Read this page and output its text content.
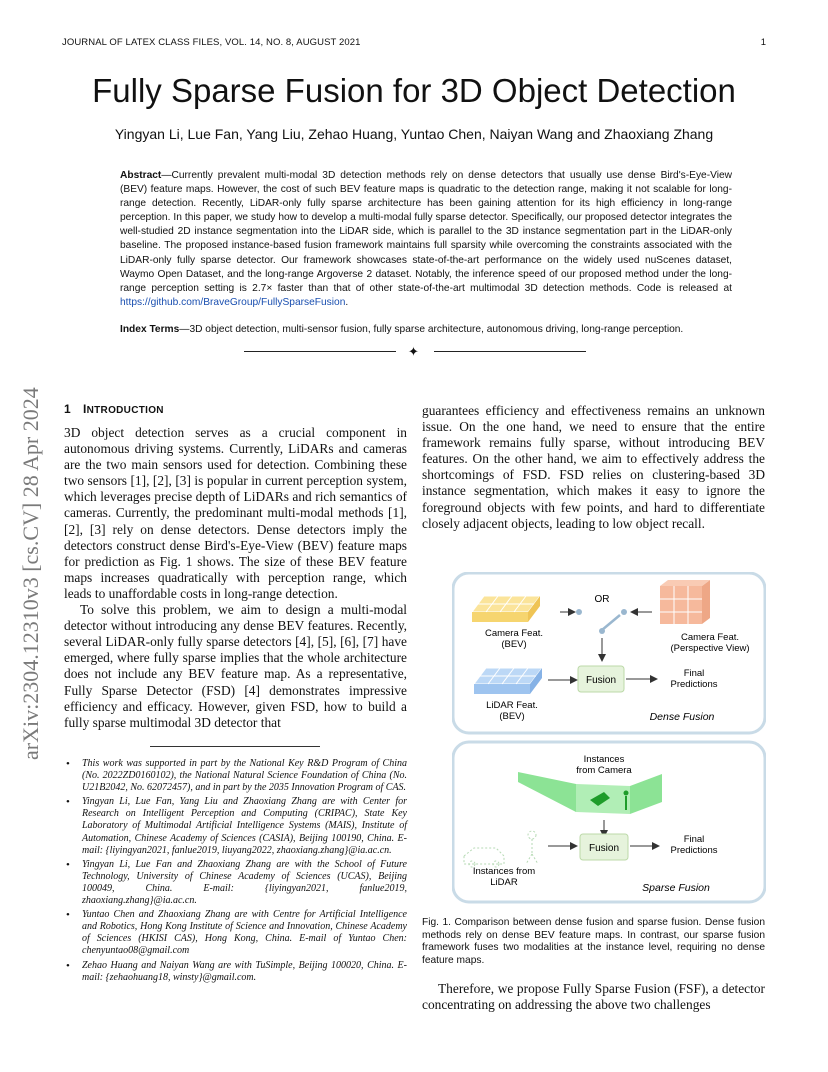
JOURNAL OF LATEX CLASS FILES, VOL. 14, NO. 8, AUGUST 2021	1
Fully Sparse Fusion for 3D Object Detection
Yingyan Li, Lue Fan, Yang Liu, Zehao Huang, Yuntao Chen, Naiyan Wang and Zhaoxiang Zhang
Abstract—Currently prevalent multi-modal 3D detection methods rely on dense detectors that usually use dense Bird's-Eye-View (BEV) feature maps. However, the cost of such BEV feature maps is quadratic to the detection range, making it not scalable for long-range detection. Recently, LiDAR-only fully sparse architecture has been gaining attention for its high efficiency in long-range perception. In this paper, we study how to develop a multi-modal fully sparse detector. Specifically, our proposed detector integrates the well-studied 2D instance segmentation into the LiDAR side, which is parallel to the 3D instance segmentation part in the LiDAR-only baseline. The proposed instance-based fusion framework maintains full sparsity while overcoming the constraints associated with the LiDAR-only fully sparse detector. Our framework showcases state-of-the-art performance on the widely used nuScenes dataset, Waymo Open Dataset, and the long-range Argoverse 2 dataset. Notably, the inference speed of our proposed method under the long-range perception setting is 2.7× faster than that of other state-of-the-art multimodal 3D detection methods. Code is released at https://github.com/BraveGroup/FullySparseFusion.
Index Terms—3D object detection, multi-sensor fusion, fully sparse architecture, autonomous driving, long-range perception.
✦
arXiv:2304.12310v3 [cs.CV] 28 Apr 2024 1 INTRODUCTION

3D object detection serves as a crucial component in autonomous driving systems. Currently, LiDARs and cameras are the two main sensors used for detection. Combining these two sensors [1], [2], [3] is popular in current perception system, which leverages precise depth of LiDARs and rich semantics of cameras. Currently, the predominant multi-modal methods [1], [2], [3] rely on dense detectors. Dense detectors imply the detectors construct dense Bird's-Eye-View (BEV) feature maps for prediction as Fig. 1 shows. The size of these BEV feature maps increases quadratically with perception range, which leads to unaffordable costs in long-range detection.

To solve this problem, we aim to design a multi-modal detector without introducing any dense BEV features. Recently, several LiDAR-only fully sparse detectors [4], [5], [6], [7] have emerged, where fully sparse implies that the whole architecture does not include any BEV feature map. As a representative, Fully Sparse Detector (FSD) [4] demonstrates impressive efficiency and efficacy. However, given FSD, how to build a fully sparse multimodal 3D detector that

guarantees efficiency and effectiveness remains an unknown issue. On the one hand, we need to ensure that the entire framework remains fully sparse, without introducing BEV features. On the other hand, we aim to effectively address the shortcomings of FSD. FSD relies on clustering-based 3D instance segmentation, which makes it easy to ignore the foreground objects with few points, and hard to differentiate closely adjacent objects, leading to low object recall.

Therefore, we propose Fully Sparse Fusion (FSF), a detector concentrating on addressing the above two challenges

• This work was supported in part by the National Key R&D Program of China (No. 2022ZD0160102), the National Natural Science Foundation of China (No. U21B2042, No. 62072457), and in part by the 2035 Innovation Program of CAS.
• Yingyan Li, Lue Fan, Yang Liu and Zhaoxiang Zhang are with Center for Research on Intelligent Perception and Computing (CRIPAC), State Key Laboratory of Multimodal Artificial Intelligence Systems (MAIS), Institute of Automation, Chinese Academy of Sciences (CASIA), Beijing 100190, China. E-mail: {liyingyan2021, fanlue2019, liuyang2022, zhaoxiang.zhang}@ia.ac.cn.
• Yingyan Li, Lue Fan and Zhaoxiang Zhang are with the School of Future Technology, University of Chinese Academy of Sciences (UCAS), Beijing 100049, China. E-mail: {liyingyan2021, fanlue2019, zhaoxiang.zhang}@ia.ac.cn.
• Yuntao Chen and Zhaoxiang Zhang are with Centre for Artificial Intelligence and Robotics, Hong Kong Institute of Science and Innovation, Chinese Academy of Sciences (HKISI CAS), Hong Kong, China. E-mail of Yuntao Chen: chenyuntao08@gmail.com
• Zehao Huang and Naiyan Wang are with TuSimple, Beijing 100020, China. E-mail: {zehaohuang18, winsty}@gmail.com.
Camera Feat. (BEV)
OR
Camera Feat. (Perspective View)
Fusion
Final Predictions
LiDAR Feat. (BEV)	Dense Fusion
Instances from Camera
Fusion
Final Predictions
Instances from LiDAR	Sparse Fusion
Fig. 1. Comparison between dense fusion and sparse fusion. Dense fusion methods rely on dense BEV feature maps. In contrast, our sparse fusion framework fuses two modalities at the instance level, requiring no dense feature maps.
